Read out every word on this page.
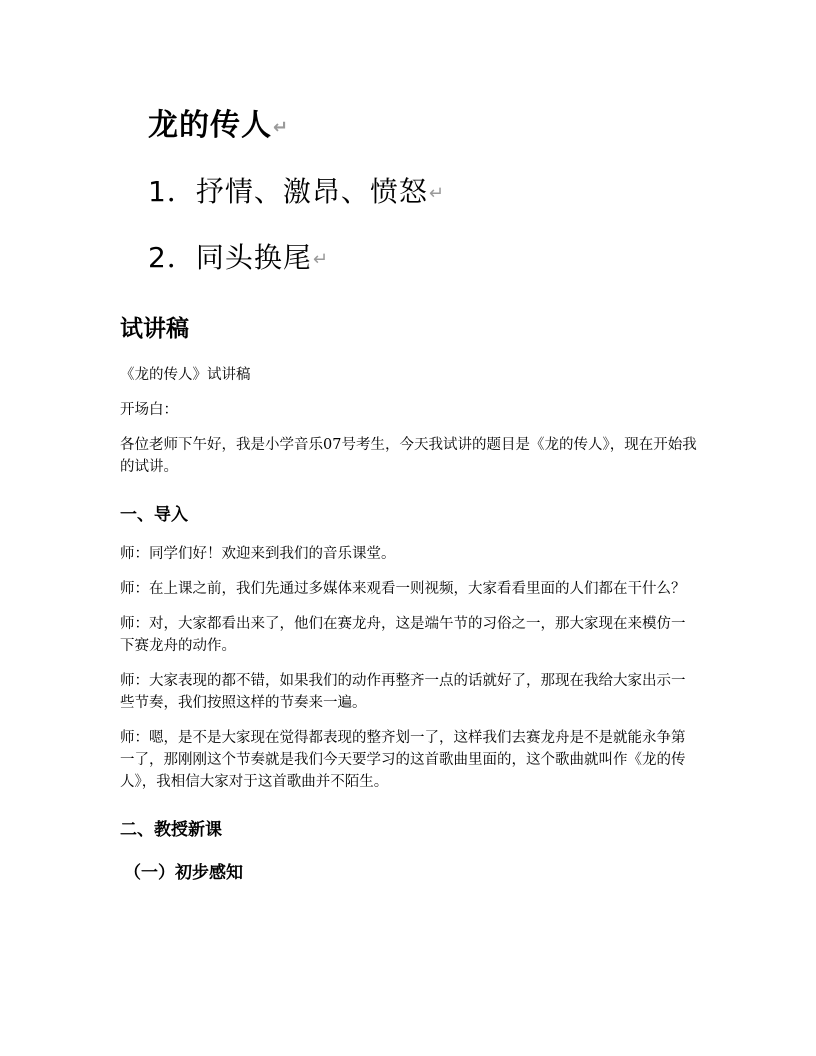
龙的传人↵
1．抒情、激昂、愤怒↵
2．同头换尾↵
试讲稿

《龙的传人》试讲稿

开场白：

各位老师下午好，我是小学音乐07号考生，今天我试讲的题目是《龙的传人》，现在开始我的试讲。

一、导入

师：同学们好！欢迎来到我们的音乐课堂。

师：在上课之前，我们先通过多媒体来观看一则视频，大家看看里面的人们都在干什么？

师：对，大家都看出来了，他们在赛龙舟，这是端午节的习俗之一，那大家现在来模仿一下赛龙舟的动作。

师：大家表现的都不错，如果我们的动作再整齐一点的话就好了，那现在我给大家出示一些节奏，我们按照这样的节奏来一遍。

师：嗯，是不是大家现在觉得都表现的整齐划一了，这样我们去赛龙舟是不是就能永争第一了，那刚刚这个节奏就是我们今天要学习的这首歌曲里面的，这个歌曲就叫作《龙的传人》，我相信大家对于这首歌曲并不陌生。

二、教授新课
（一）初步感知
